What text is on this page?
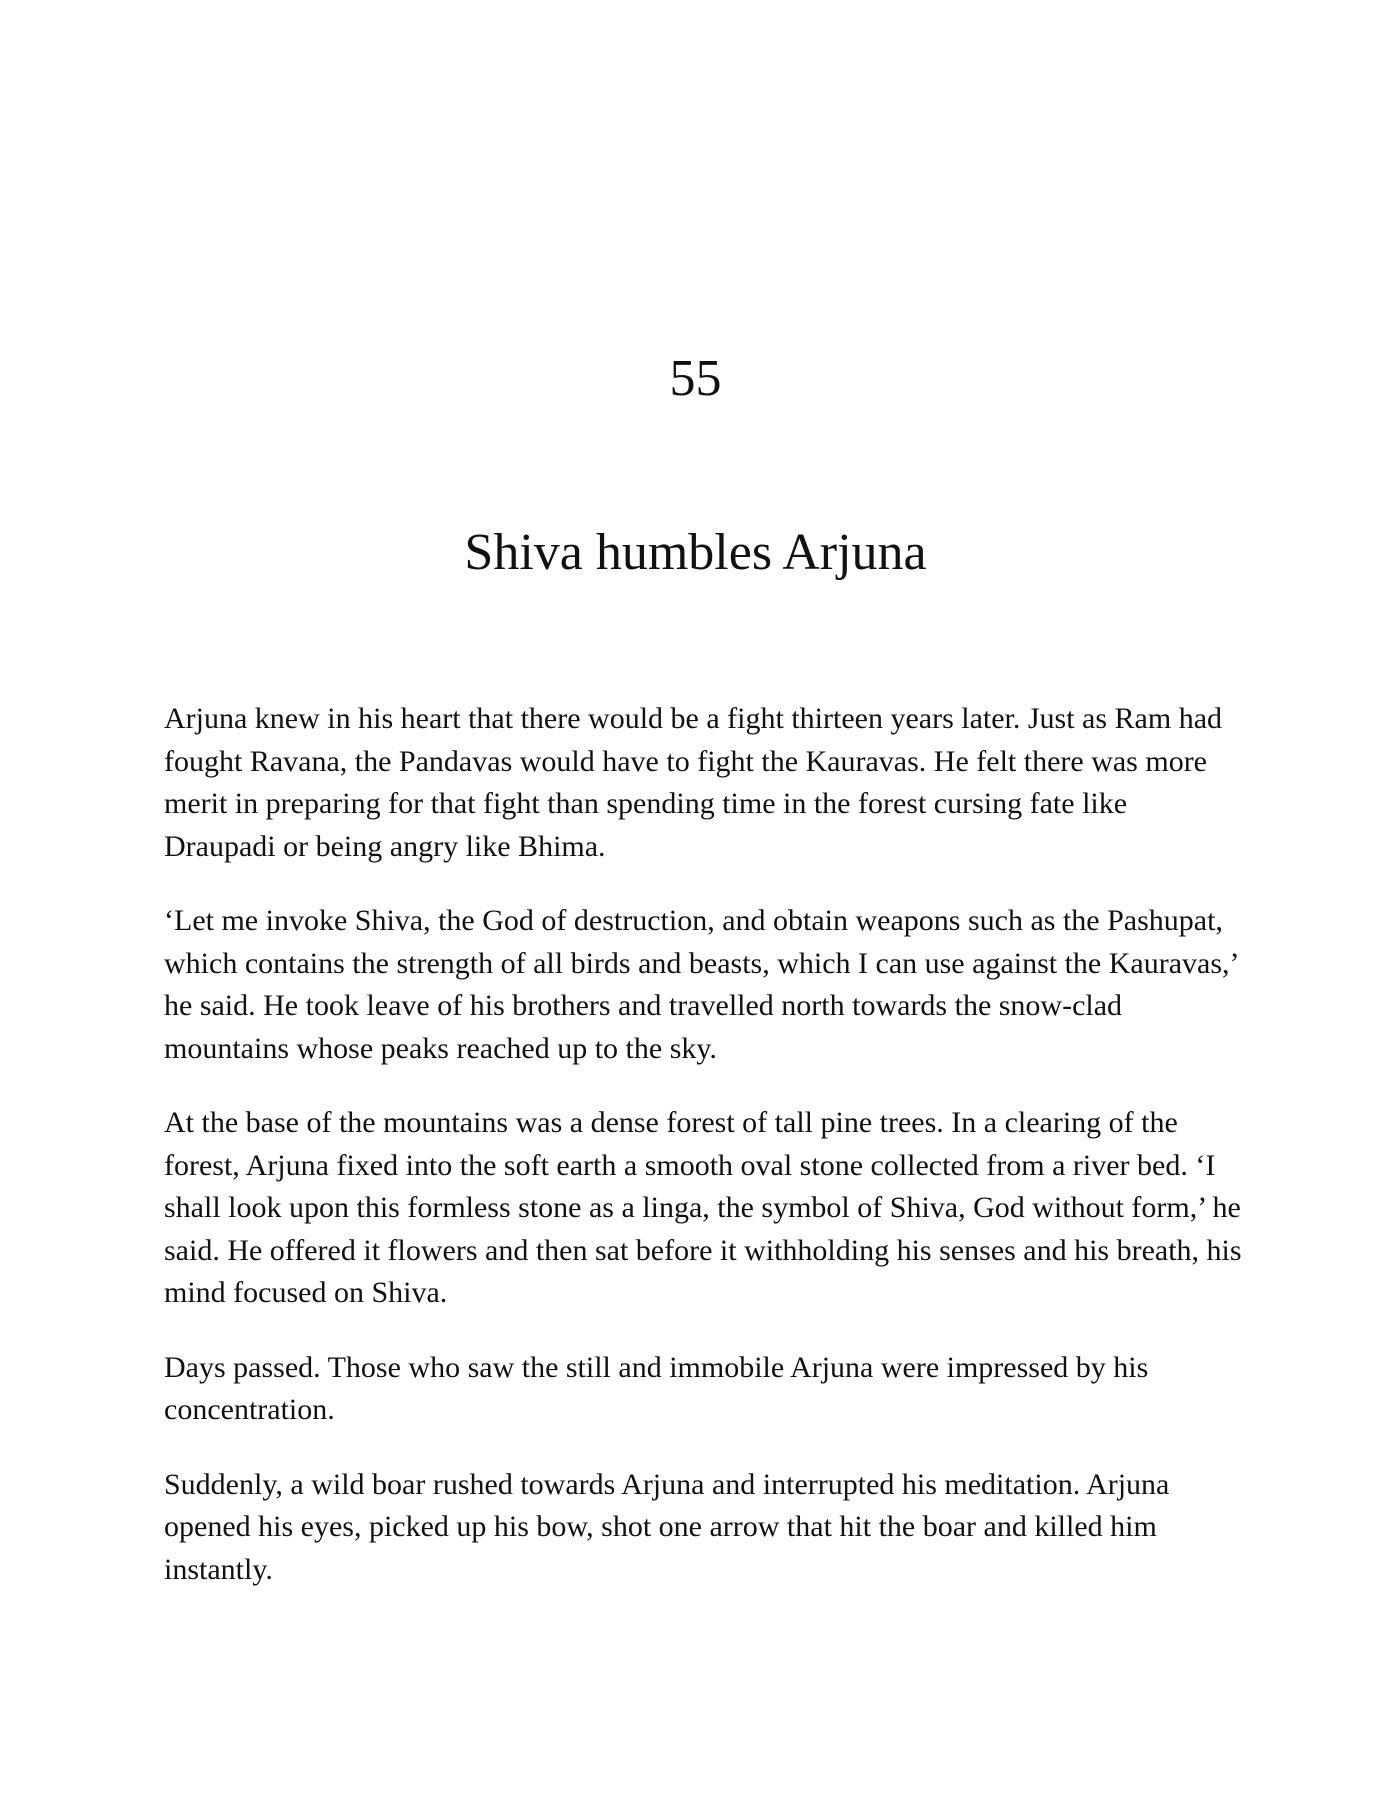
55
Shiva humbles Arjuna

Arjuna knew in his heart that there would be a fight thirteen years later. Just as Ram had fought Ravana, the Pandavas would have to fight the Kauravas. He felt there was more merit in preparing for that fight than spending time in the forest cursing fate like Draupadi or being angry like Bhima.

‘Let me invoke Shiva, the God of destruction, and obtain weapons such as the Pashupat, which contains the strength of all birds and beasts, which I can use against the Kauravas,’ he said. He took leave of his brothers and travelled north towards the snow-clad mountains whose peaks reached up to the sky.

At the base of the mountains was a dense forest of tall pine trees. In a clearing of the forest, Arjuna fixed into the soft earth a smooth oval stone collected from a river bed. ‘I shall look upon this formless stone as a linga, the symbol of Shiva, God without form,’ he said. He offered it flowers and then sat before it withholding his senses and his breath, his mind focused on Shiva.

Days passed. Those who saw the still and immobile Arjuna were impressed by his concentration.

Suddenly, a wild boar rushed towards Arjuna and interrupted his meditation. Arjuna opened his eyes, picked up his bow, shot one arrow that hit the boar and killed him instantly.
